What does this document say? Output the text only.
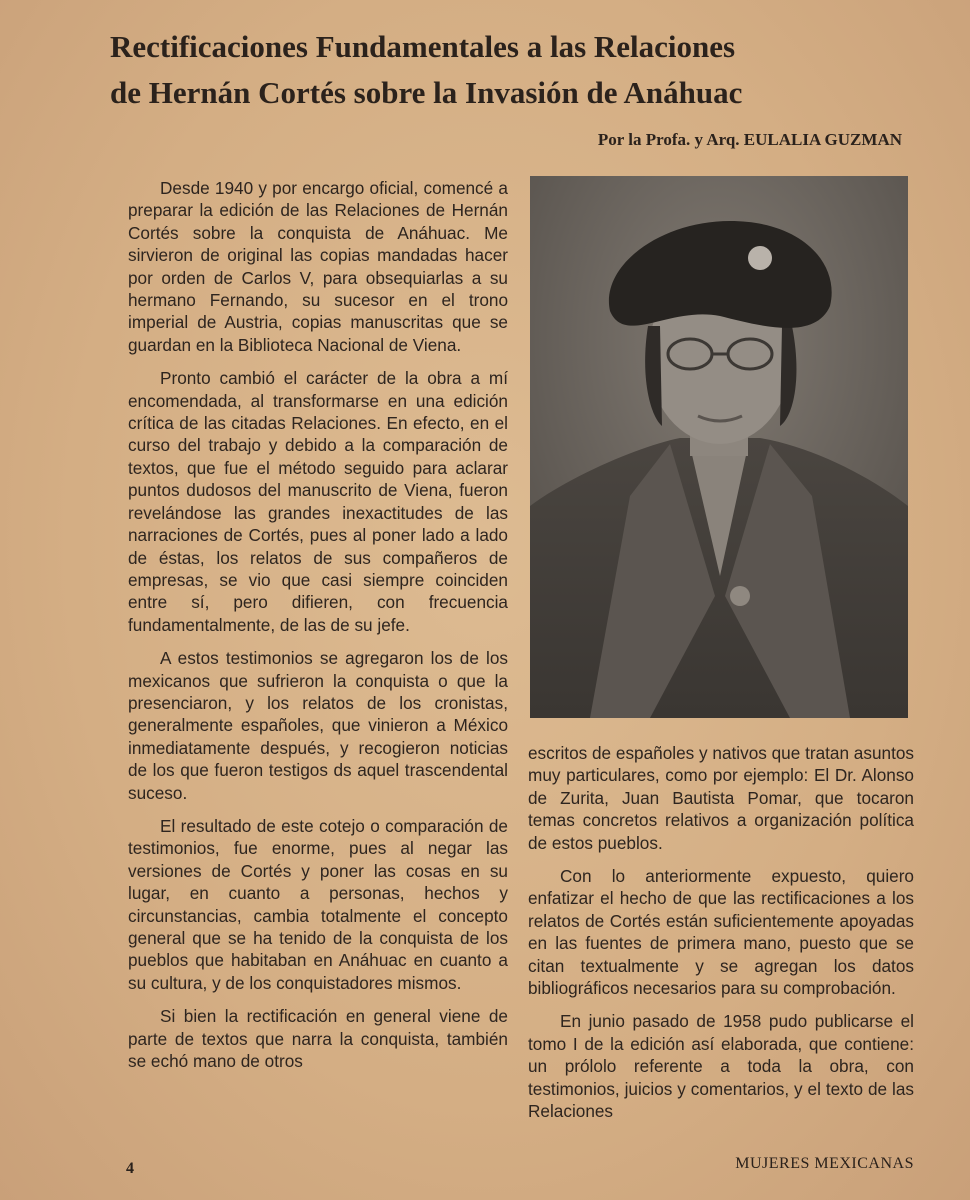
Rectificaciones Fundamentales a las Relaciones
de Hernán Cortés sobre la Invasión de Anáhuac
Por la Profa. y Arq. EULALIA GUZMAN

Desde 1940 y por encargo oficial, comencé a preparar la edición de las Relaciones de Hernán Cortés sobre la conquista de Anáhuac. Me sirvieron de original las copias mandadas hacer por orden de Carlos V, para obsequiarlas a su hermano Fernando, su sucesor en el trono imperial de Austria, copias manuscritas que se guardan en la Biblioteca Nacional de Viena.

Pronto cambió el carácter de la obra a mí encomendada, al transformarse en una edición crítica de las citadas Relaciones. En efecto, en el curso del trabajo y debido a la comparación de textos, que fue el método seguido para aclarar puntos dudosos del manuscrito de Viena, fueron revelándose las grandes inexactitudes de las narraciones de Cortés, pues al poner lado a lado de éstas, los relatos de sus compañeros de empresas, se vio que casi siempre coinciden entre sí, pero difieren, con frecuencia fundamentalmente, de las de su jefe.

A estos testimonios se agregaron los de los mexicanos que sufrieron la conquista o que la presenciaron, y los relatos de los cronistas, generalmente españoles, que vinieron a México inmediatamente después, y recogieron noticias de los que fueron testigos ds aquel trascendental suceso.

El resultado de este cotejo o comparación de testimonios, fue enorme, pues al negar las versiones de Cortés y poner las cosas en su lugar, en cuanto a personas, hechos y circunstancias, cambia totalmente el concepto general que se ha tenido de la conquista de los pueblos que habitaban en Anáhuac en cuanto a su cultura, y de los conquistadores mismos.

Si bien la rectificación en general viene de parte de textos que narra la conquista, también se echó mano de otros

escritos de españoles y nativos que tratan asuntos muy particulares, como por ejemplo: El Dr. Alonso de Zurita, Juan Bautista Pomar, que tocaron temas concretos relativos a organización política de estos pueblos.

Con lo anteriormente expuesto, quiero enfatizar el hecho de que las rectificaciones a los relatos de Cortés están suficientemente apoyadas en las fuentes de primera mano, puesto que se citan textualmente y se agregan los datos bibliográficos necesarios para su comprobación.

En junio pasado de 1958 pudo publicarse el tomo I de la edición así elaborada, que contiene: un prólolo referente a toda la obra, con testimonios, juicios y comentarios, y el texto de las Relaciones

4	MUJERES MEXICANAS
